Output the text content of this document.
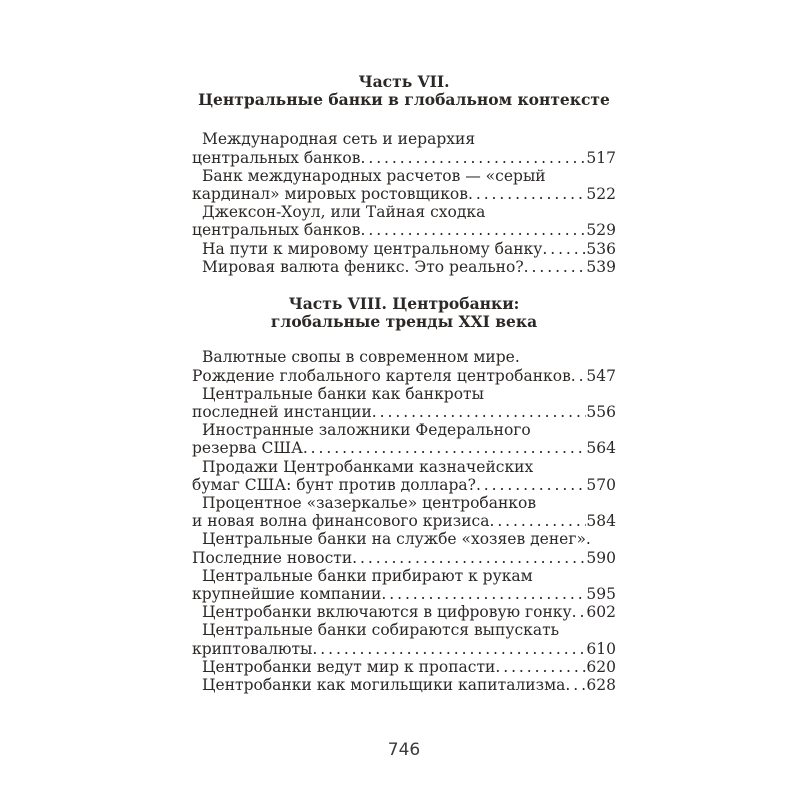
Часть VII.
Центральные банки в глобальном контексте
Международная сеть и иерархия
центральных банков . . .	517
Банк международных расчетов — «серый
кардинал» мировых ростовщиков . . .	522
Джексон-Хоул, или Тайная сходка
центральных банков . . .	529
На пути к мировому центральному банку . . .	536
Мировая валюта феникс. Это реально? . . .	539
Часть VIII. Центробанки:
глобальные тренды XXI века
Валютные свопы в современном мире.
Рождение глобального картеля центробанков . . . 547
Центральные банки как банкроты
последней инстанции . . .	556
Иностранные заложники Федерального
резерва США . . .	564
Продажи Центробанками казначейских
бумаг США: бунт против доллара? . . .	570
Процентное «зазеркалье» центробанков
и новая волна финансового кризиса . . .	584
Центральные банки на службе «хозяев денег».
Последние новости . . .	590
Центральные банки прибирают к рукам
крупнейшие компании . . .	595
Центробанки включаются в цифровую гонку . . . 602
Центральные банки собираются выпускать
криптовалюты . . .	610
Центробанки ведут мир к пропасти . . .	620
Центробанки как могильщики капитализма . . . 628
746
